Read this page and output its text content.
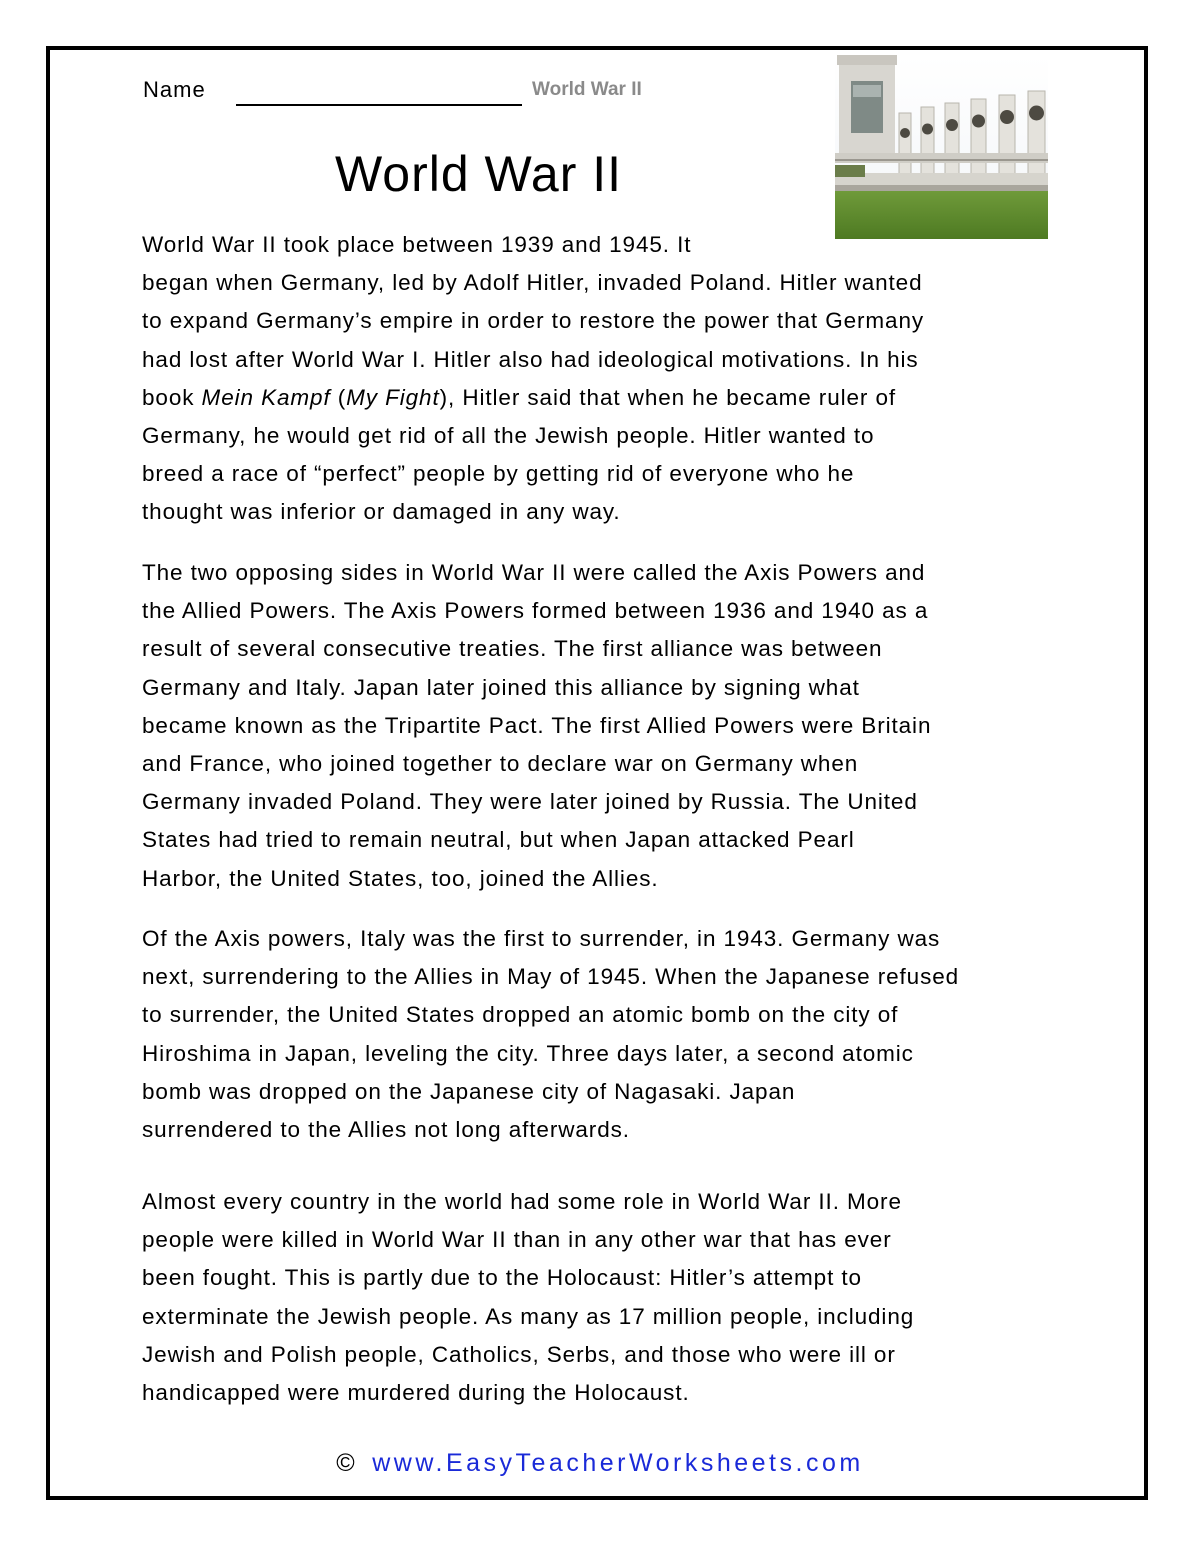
Name	World War II
World War II
World War II took place between 1939 and 1945. It
began when Germany, led by Adolf Hitler, invaded Poland. Hitler wanted
to expand Germany’s empire in order to restore the power that Germany
had lost after World War I. Hitler also had ideological motivations. In his
book Mein Kampf (My Fight), Hitler said that when he became ruler of
Germany, he would get rid of all the Jewish people. Hitler wanted to
breed a race of “perfect” people by getting rid of everyone who he
thought was inferior or damaged in any way.
The two opposing sides in World War II were called the Axis Powers and
the Allied Powers. The Axis Powers formed between 1936 and 1940 as a
result of several consecutive treaties. The first alliance was between
Germany and Italy. Japan later joined this alliance by signing what
became known as the Tripartite Pact. The first Allied Powers were Britain
and France, who joined together to declare war on Germany when
Germany invaded Poland. They were later joined by Russia. The United
States had tried to remain neutral, but when Japan attacked Pearl
Harbor, the United States, too, joined the Allies.
Of the Axis powers, Italy was the first to surrender, in 1943. Germany was
next, surrendering to the Allies in May of 1945. When the Japanese refused
to surrender, the United States dropped an atomic bomb on the city of
Hiroshima in Japan, leveling the city. Three days later, a second atomic
bomb was dropped on the Japanese city of Nagasaki. Japan
surrendered to the Allies not long afterwards.
Almost every country in the world had some role in World War II. More
people were killed in World War II than in any other war that has ever
been fought. This is partly due to the Holocaust: Hitler’s attempt to
exterminate the Jewish people. As many as 17 million people, including
Jewish and Polish people, Catholics, Serbs, and those who were ill or
handicapped were murdered during the Holocaust.
© www.EasyTeacherWorksheets.com
